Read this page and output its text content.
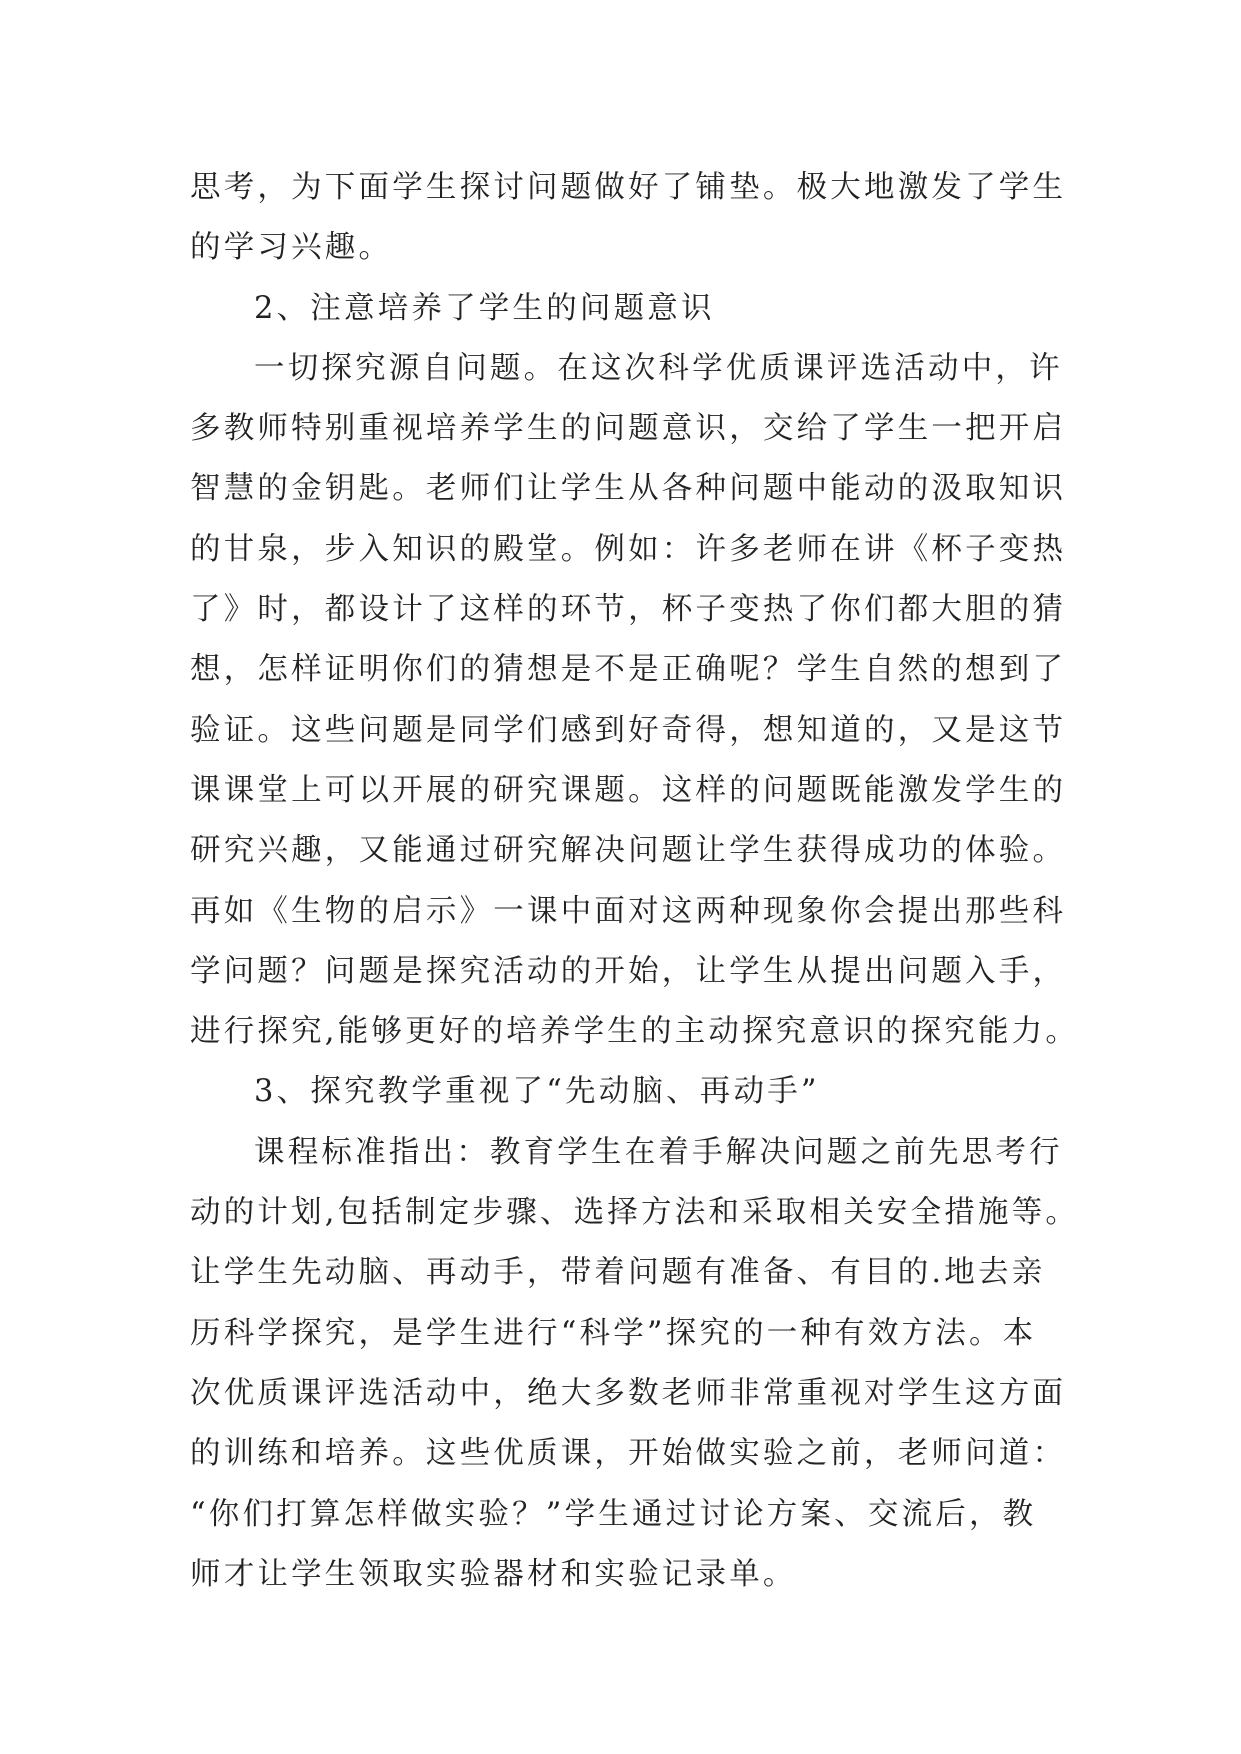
思考，为下面学生探讨问题做好了铺垫。极大地激发了学生
的学习兴趣。
2、注意培养了学生的问题意识
一切探究源自问题。在这次科学优质课评选活动中，许
多教师特别重视培养学生的问题意识，交给了学生一把开启
智慧的金钥匙。老师们让学生从各种问题中能动的汲取知识
的甘泉，步入知识的殿堂。例如：许多老师在讲《杯子变热
了》时，都设计了这样的环节，杯子变热了你们都大胆的猜
想，怎样证明你们的猜想是不是正确呢？学生自然的想到了
验证。这些问题是同学们感到好奇得，想知道的，又是这节
课课堂上可以开展的研究课题。这样的问题既能激发学生的
研究兴趣，又能通过研究解决问题让学生获得成功的体验。
再如《生物的启示》一课中面对这两种现象你会提出那些科
学问题？问题是探究活动的开始，让学生从提出问题入手，
进行探究,能够更好的培养学生的主动探究意识的探究能力。
3、探究教学重视了“先动脑、再动手”
课程标准指出：教育学生在着手解决问题之前先思考行
动的计划,包括制定步骤、选择方法和采取相关安全措施等。
让学生先动脑、再动手，带着问题有准备、有目的.地去亲
历科学探究，是学生进行“科学”探究的一种有效方法。本
次优质课评选活动中，绝大多数老师非常重视对学生这方面
的训练和培养。这些优质课，开始做实验之前，老师问道：
“你们打算怎样做实验？”学生通过讨论方案、交流后，教
师才让学生领取实验器材和实验记录单。
